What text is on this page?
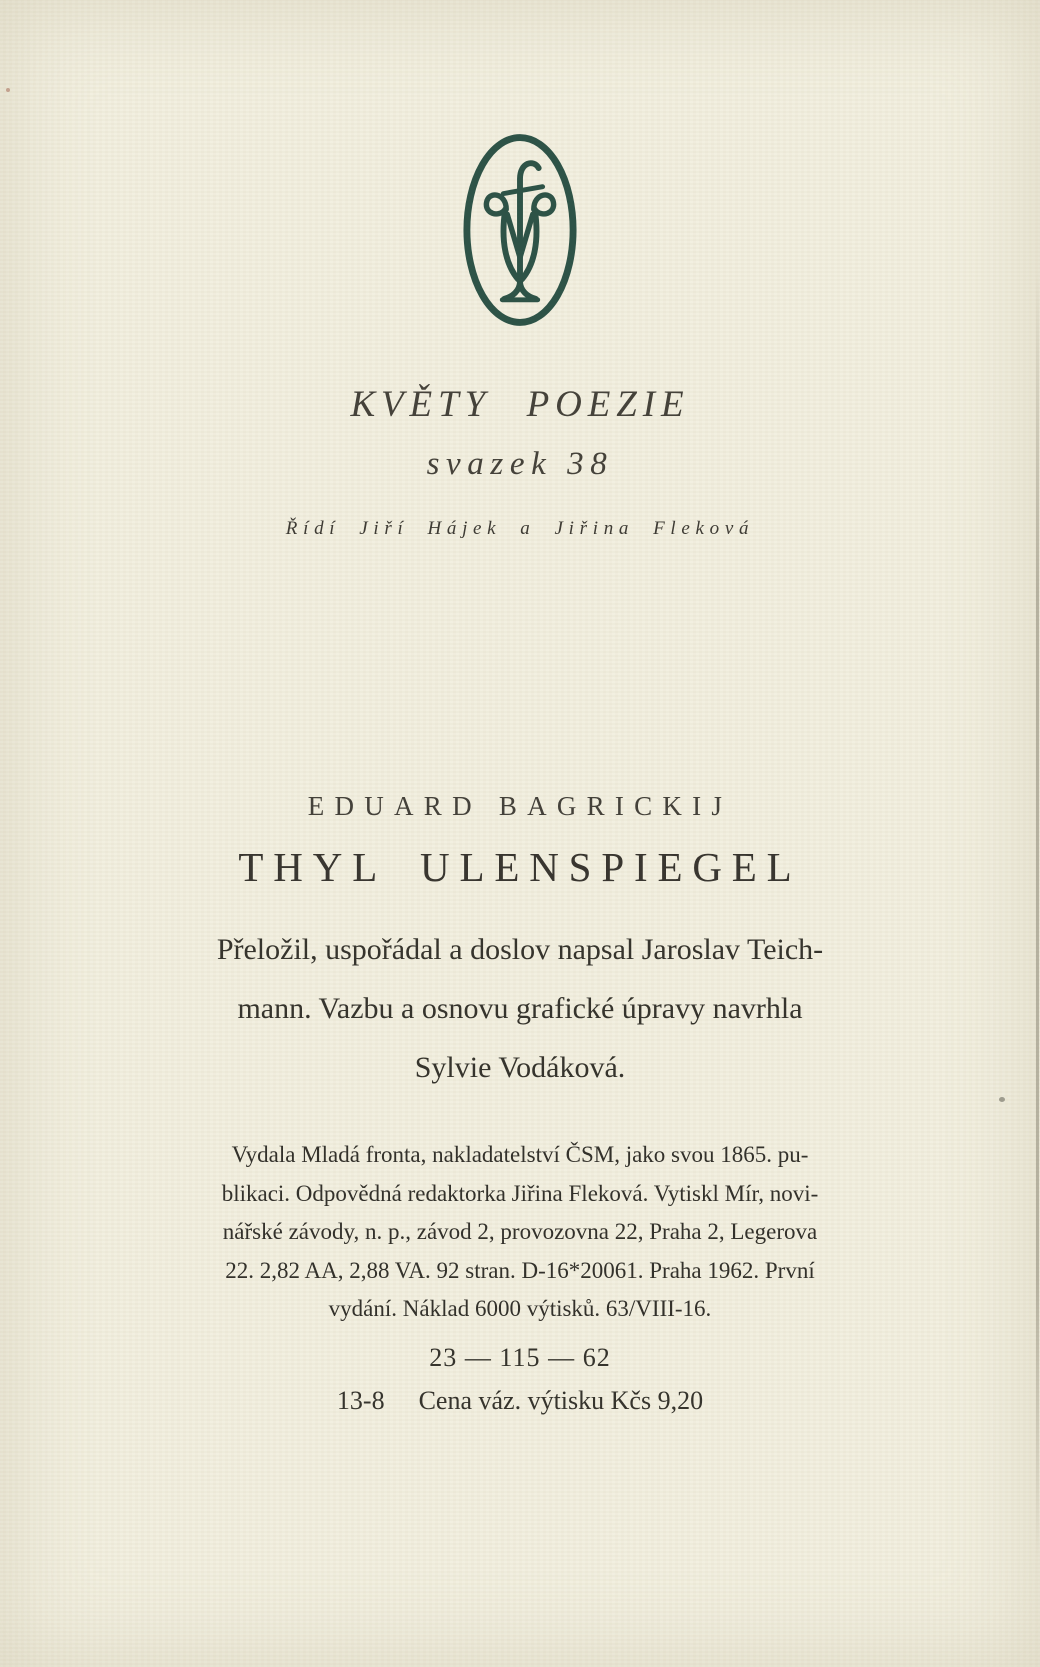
KVĚTY POEZIE
svazek 38
Řídí Jiří Hájek a Jiřina Fleková
EDUARD BAGRICKIJ
THYL ULENSPIEGEL
Přeložil, uspořádal a doslov napsal Jaroslav Teich-
mann. Vazbu a osnovu grafické úpravy navrhla
Sylvie Vodáková.
Vydala Mladá fronta, nakladatelství ČSM, jako svou 1865. pu-
blikaci. Odpovědná redaktorka Jiřina Fleková. Vytiskl Mír, novi-
nářské závody, n. p., závod 2, provozovna 22, Praha 2, Legerova
22. 2,82 AA, 2,88 VA. 92 stran. D-16*20061. Praha 1962. První
vydání. Náklad 6000 výtisků. 63/VIII-16.
23 — 115 — 62
13-8 Cena váz. výtisku Kčs 9,20
